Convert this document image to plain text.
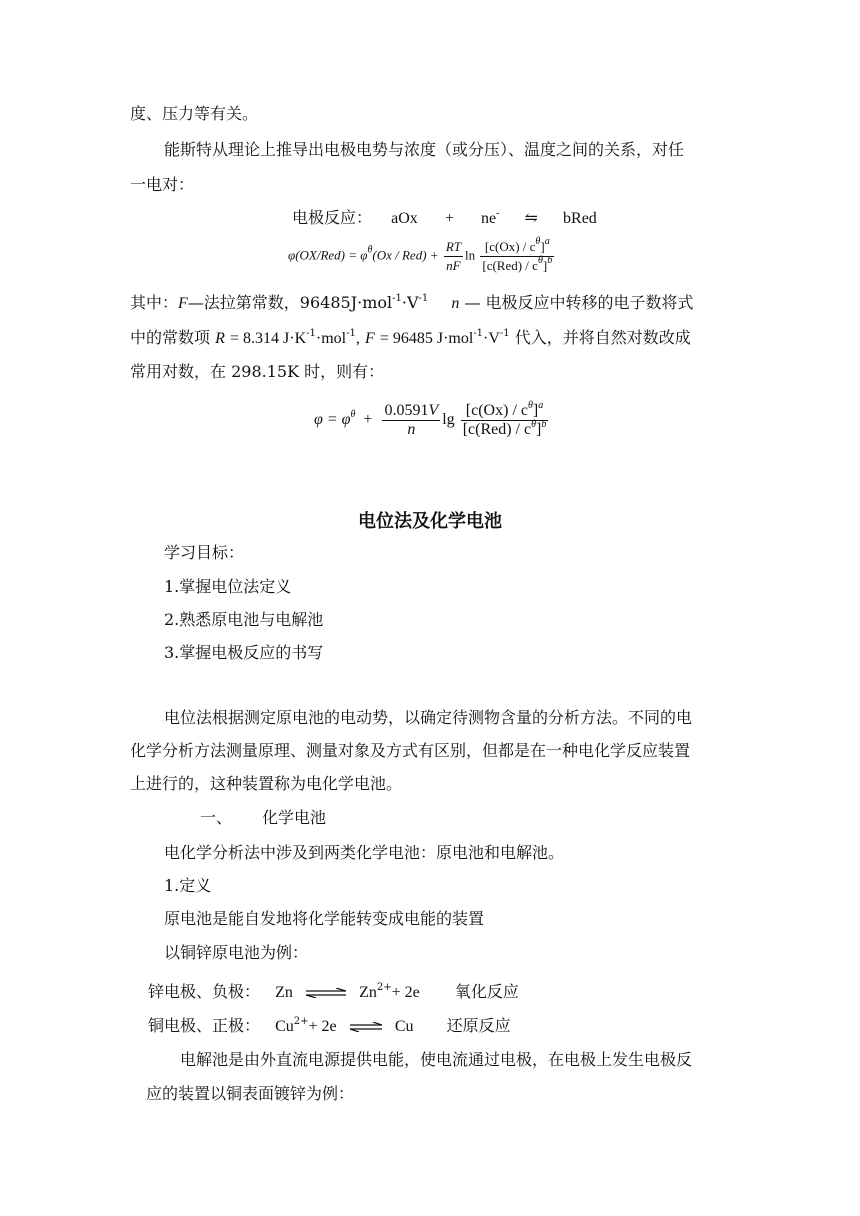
度、压力等有关。
能斯特从理论上推导出电极电势与浓度（或分压）、温度之间的关系，对任
一电对：
电极反应： aOx + ne- ⇋ bRed
$\varphi(OX/Red) = \varphi^\theta(Ox / Red) + \frac{RT}{nF}$ $\ln \frac{[c(Ox) / c^\theta]^a}{[c(Red) / c^\theta]^b}$
其中：F—法拉第常数，$96485J\cdot mol^{-1}\cdot V^{-1}$ n — 电极反应中转移的电子数将式
中的常数项 R = 8.314 $J\cdot K^{-1}\cdot mol^{-1}$, F = 96485 $J\cdot mol^{-1}\cdot V^{-1}$ 代入，并将自然对数改成
常用对数，在 298.15K 时，则有：
$\varphi = \varphi^\theta + \frac{0.0591V}{n}$ $\lg \frac{[c(Ox) / c^\theta]^a}{[c(Red) / c^\theta]^b}$
电位法及化学电池
学习目标：
1.掌握电位法定义
2.熟悉原电池与电解池
3.掌握电极反应的书写
电位法根据测定原电池的电动势，以确定待测物含量的分析方法。不同的电
化学分析方法测量原理、测量对象及方式有区别，但都是在一种电化学反应装置
上进行的，这种装置称为电化学电池。
一、 化学电池
电化学分析法中涉及到两类化学电池：原电池和电解池。
1.定义
原电池是能自发地将化学能转变成电能的装置
以铜锌原电池为例：
锌电极、负极： Zn ⇌ $Zn^{2+}+ 2e$ 氧化反应
铜电极、正极： $Cu^{2+}+ 2e$ ⇌ Cu 还原反应
电解池是由外直流电源提供电能，使电流通过电极，在电极上发生电极反
应的装置以铜表面镀锌为例：
